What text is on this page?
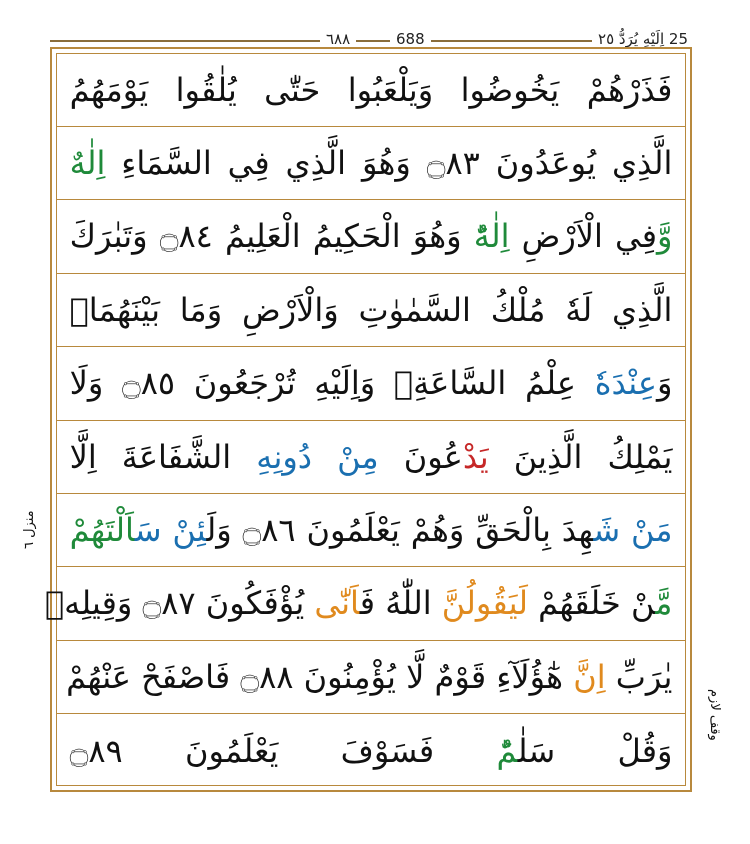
٦٨٨	688	25 اِلَيْهِ يُرَدُّ ٢٥
فَذَرْهُمْ يَخُوضُوا وَيَلْعَبُوا حَتّٰى يُلٰقُوا يَوْمَهُمُ
الَّذِي يُوعَدُونَ ۝٨٣ وَهُوَ الَّذِي فِي السَّمَاءِ اِلٰهٌ
وَّفِي الْاَرْضِ اِلٰهٌؕ وَهُوَ الْحَكِيمُ الْعَلِيمُ ۝٨٤ وَتَبٰرَكَ
الَّذِي لَهٗ مُلْكُ السَّمٰوٰتِ وَالْاَرْضِ وَمَا بَيْنَهُمَاۚ
وَعِنْدَهٗ عِلْمُ السَّاعَةِۚ وَاِلَيْهِ تُرْجَعُونَ ۝٨٥ وَلَا
يَمْلِكُ الَّذِينَ يَدْعُونَ مِنْ دُونِهِ الشَّفَاعَةَ اِلَّا
مَنْ شَهِدَ بِالْحَقِّ وَهُمْ يَعْلَمُونَ ۝٨٦ وَلَئِنْ سَاَلْتَهُمْ
مَّنْ خَلَقَهُمْ لَيَقُولُنَّ اللّٰهُ فَاَنّٰى يُؤْفَكُونَ ۝٨٧ وَقِيلِهٖ
يٰرَبِّ اِنَّ هٰٓؤُلَآءِ قَوْمٌ لَّا يُؤْمِنُونَ ۝٨٨ فَاصْفَحْ عَنْهُمْ
وَقُلْ سَلٰمٌؕ فَسَوْفَ يَعْلَمُونَ ۝٨٩
منزل ٦
وقف لازم
